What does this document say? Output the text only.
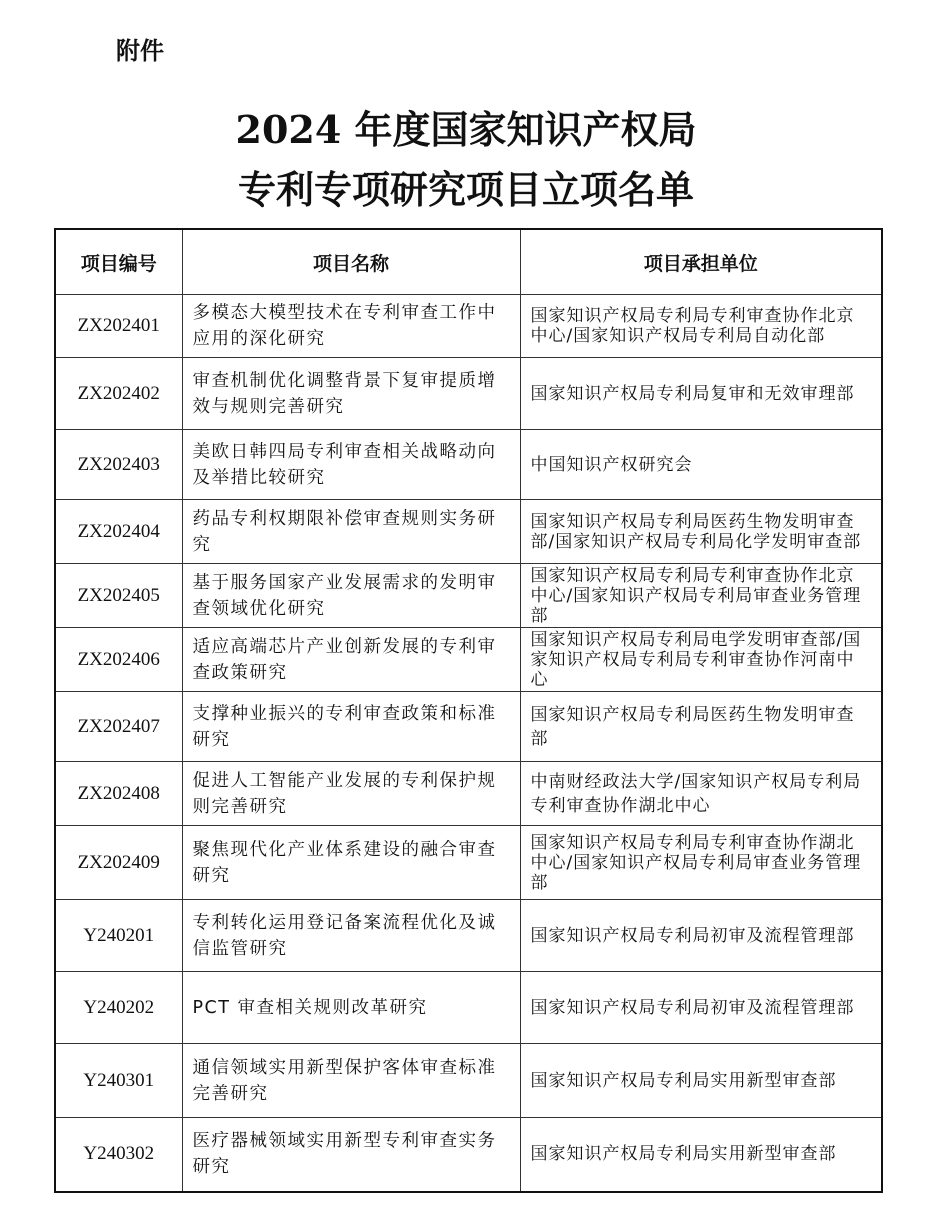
附件
2024 年度国家知识产权局
专利专项研究项目立项名单
项目编号	项目名称	项目承担单位
ZX202401	多模态大模型技术在专利审查工作中应用的深化研究	国家知识产权局专利局专利审查协作北京中心/国家知识产权局专利局自动化部
ZX202402	审查机制优化调整背景下复审提质增效与规则完善研究	国家知识产权局专利局复审和无效审理部
ZX202403	美欧日韩四局专利审查相关战略动向及举措比较研究	中国知识产权研究会
ZX202404	药品专利权期限补偿审查规则实务研究	国家知识产权局专利局医药生物发明审查部/国家知识产权局专利局化学发明审查部
ZX202405	基于服务国家产业发展需求的发明审查领域优化研究	国家知识产权局专利局专利审查协作北京中心/国家知识产权局专利局审查业务管理部
ZX202406	适应高端芯片产业创新发展的专利审查政策研究	国家知识产权局专利局电学发明审查部/国家知识产权局专利局专利审查协作河南中心
ZX202407	支撑种业振兴的专利审查政策和标准研究	国家知识产权局专利局医药生物发明审查部
ZX202408	促进人工智能产业发展的专利保护规则完善研究	中南财经政法大学/国家知识产权局专利局专利审查协作湖北中心
ZX202409	聚焦现代化产业体系建设的融合审查研究	国家知识产权局专利局专利审查协作湖北中心/国家知识产权局专利局审查业务管理部
Y240201	专利转化运用登记备案流程优化及诚信监管研究	国家知识产权局专利局初审及流程管理部
Y240202	PCT 审查相关规则改革研究	国家知识产权局专利局初审及流程管理部
Y240301	通信领域实用新型保护客体审查标准完善研究	国家知识产权局专利局实用新型审查部
Y240302	医疗器械领域实用新型专利审查实务研究	国家知识产权局专利局实用新型审查部
